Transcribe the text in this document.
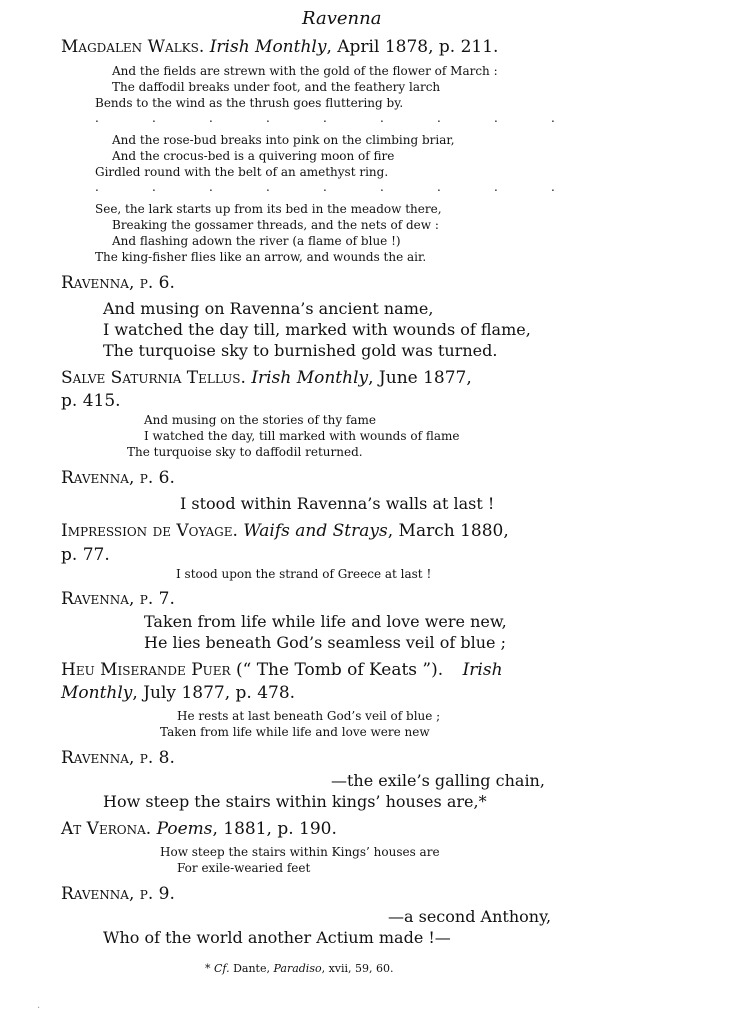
Ravenna
Magdalen Walks. Irish Monthly, April 1878, p. 211.
And the fields are strewn with the gold of the flower of March :
The daffodil breaks under foot, and the feathery larch
Bends to the wind as the thrush goes fluttering by.
.	.	.	.	.	.	.	.	.
And the rose-bud breaks into pink on the climbing briar,
And the crocus-bed is a quivering moon of fire
Girdled round with the belt of an amethyst ring.
.	.	.	.	.	.	.	.	.
See, the lark starts up from its bed in the meadow there,
Breaking the gossamer threads, and the nets of dew :
And flashing adown the river (a flame of blue !)
The king-fisher flies like an arrow, and wounds the air.
Ravenna, p. 6.
And musing on Ravenna’s ancient name,
I watched the day till, marked with wounds of flame,
The turquoise sky to burnished gold was turned.
Salve Saturnia Tellus. Irish Monthly, June 1877,
p. 415.
And musing on the stories of thy fame
I watched the day, till marked with wounds of flame
The turquoise sky to daffodil returned.
Ravenna, p. 6.
I stood within Ravenna’s walls at last !
Impression de Voyage. Waifs and Strays, March 1880,
p. 77.
I stood upon the strand of Greece at last !
Ravenna, p. 7.
Taken from life while life and love were new,
He lies beneath God’s seamless veil of blue ;
Heu Miserande Puer (“ The Tomb of Keats ”). Irish
Monthly, July 1877, p. 478.
He rests at last beneath God’s veil of blue ;
Taken from life while life and love were new
Ravenna, p. 8.
—the exile’s galling chain,
How steep the stairs within kings’ houses are,*
At Verona. Poems, 1881, p. 190.
How steep the stairs within Kings’ houses are
For exile-wearied feet
Ravenna, p. 9.
—a second Anthony,
Who of the world another Actium made !—
* Cf. Dante, Paradiso, xvii, 59, 60.
·
